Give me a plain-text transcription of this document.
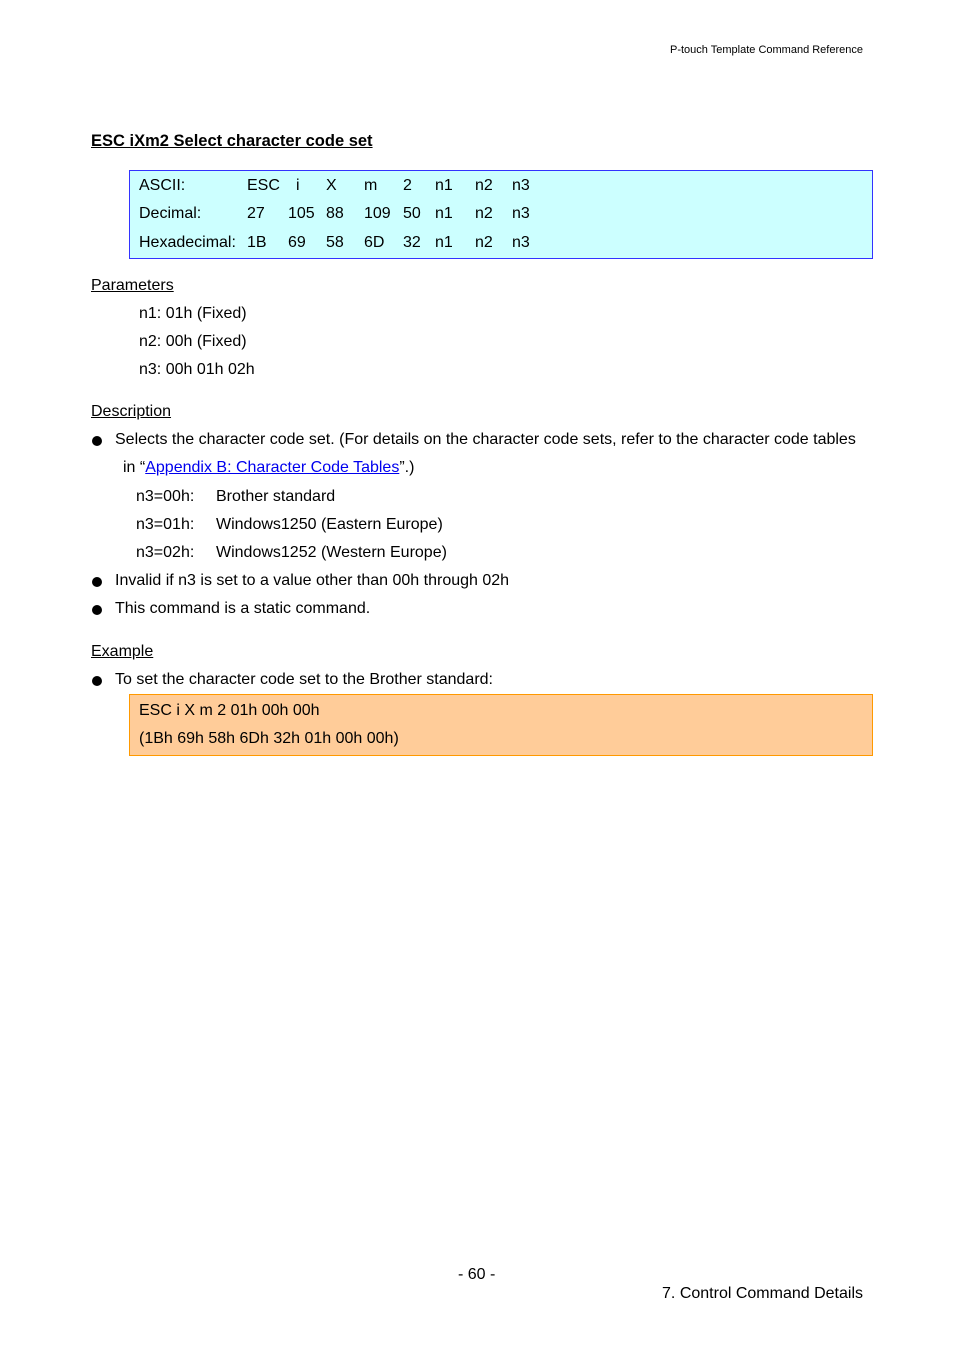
P-touch Template Command Reference
ESC iXm2 Select character code set
ASCII:	ESC i X m 2 n1 n2 n3
Decimal:	27 105 88 109 50 n1 n2 n3
Hexadecimal: 1B 69 58 6D 32 n1 n2 n3
Parameters
n1: 01h (Fixed)
n2: 00h (Fixed)
n3: 00h 01h 02h
Description
Selects the character code set. (For details on the character code sets, refer to the character code tables
in “Appendix B: Character Code Tables”.)
n3=00h: Brother standard
n3=01h: Windows1250 (Eastern Europe)
n3=02h: Windows1252 (Western Europe)
Invalid if n3 is set to a value other than 00h through 02h
This command is a static command.
Example
To set the character code set to the Brother standard:
ESC i X m 2 01h 00h 00h
(1Bh 69h 58h 6Dh 32h 01h 00h 00h)
- 60 -
7. Control Command Details
